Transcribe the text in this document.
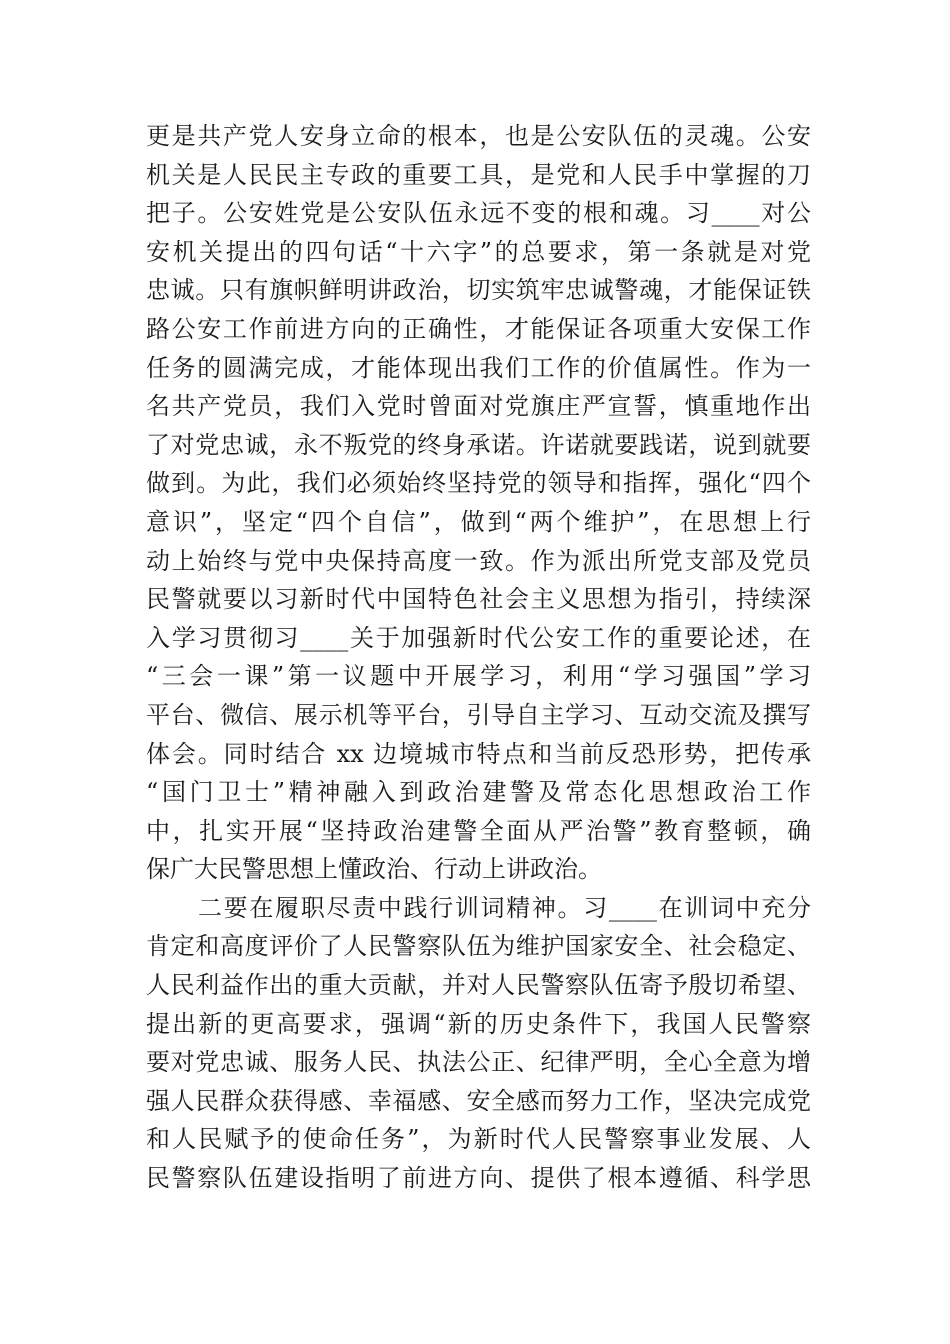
更是共产党人安身立命的根本，也是公安队伍的灵魂。公安
机关是人民民主专政的重要工具，是党和人民手中掌握的刀
把子。公安姓党是公安队伍永远不变的根和魂。习____对公
安机关提出的四句话“十六字”的总要求，第一条就是对党
忠诚。只有旗帜鲜明讲政治，切实筑牢忠诚警魂，才能保证铁
路公安工作前进方向的正确性，才能保证各项重大安保工作
任务的圆满完成，才能体现出我们工作的价值属性。作为一
名共产党员，我们入党时曾面对党旗庄严宣誓，慎重地作出
了对党忠诚，永不叛党的终身承诺。许诺就要践诺，说到就要
做到。为此，我们必须始终坚持党的领导和指挥，强化“四个
意识”，坚定“四个自信”，做到“两个维护”，在思想上行
动上始终与党中央保持高度一致。作为派出所党支部及党员
民警就要以习新时代中国特色社会主义思想为指引，持续深
入学习贯彻习____关于加强新时代公安工作的重要论述，在
“三会一课”第一议题中开展学习，利用“学习强国”学习
平台、微信、展示机等平台，引导自主学习、互动交流及撰写
体会。同时结合 xx 边境城市特点和当前反恐形势，把传承
“国门卫士”精神融入到政治建警及常态化思想政治工作
中，扎实开展“坚持政治建警全面从严治警”教育整顿，确
保广大民警思想上懂政治、行动上讲政治。
二要在履职尽责中践行训词精神。习____在训词中充分
肯定和高度评价了人民警察队伍为维护国家安全、社会稳定、
人民利益作出的重大贡献，并对人民警察队伍寄予殷切希望、
提出新的更高要求，强调“新的历史条件下，我国人民警察
要对党忠诚、服务人民、执法公正、纪律严明，全心全意为增
强人民群众获得感、幸福感、安全感而努力工作，坚决完成党
和人民赋予的使命任务”，为新时代人民警察事业发展、人
民警察队伍建设指明了前进方向、提供了根本遵循、科学思
